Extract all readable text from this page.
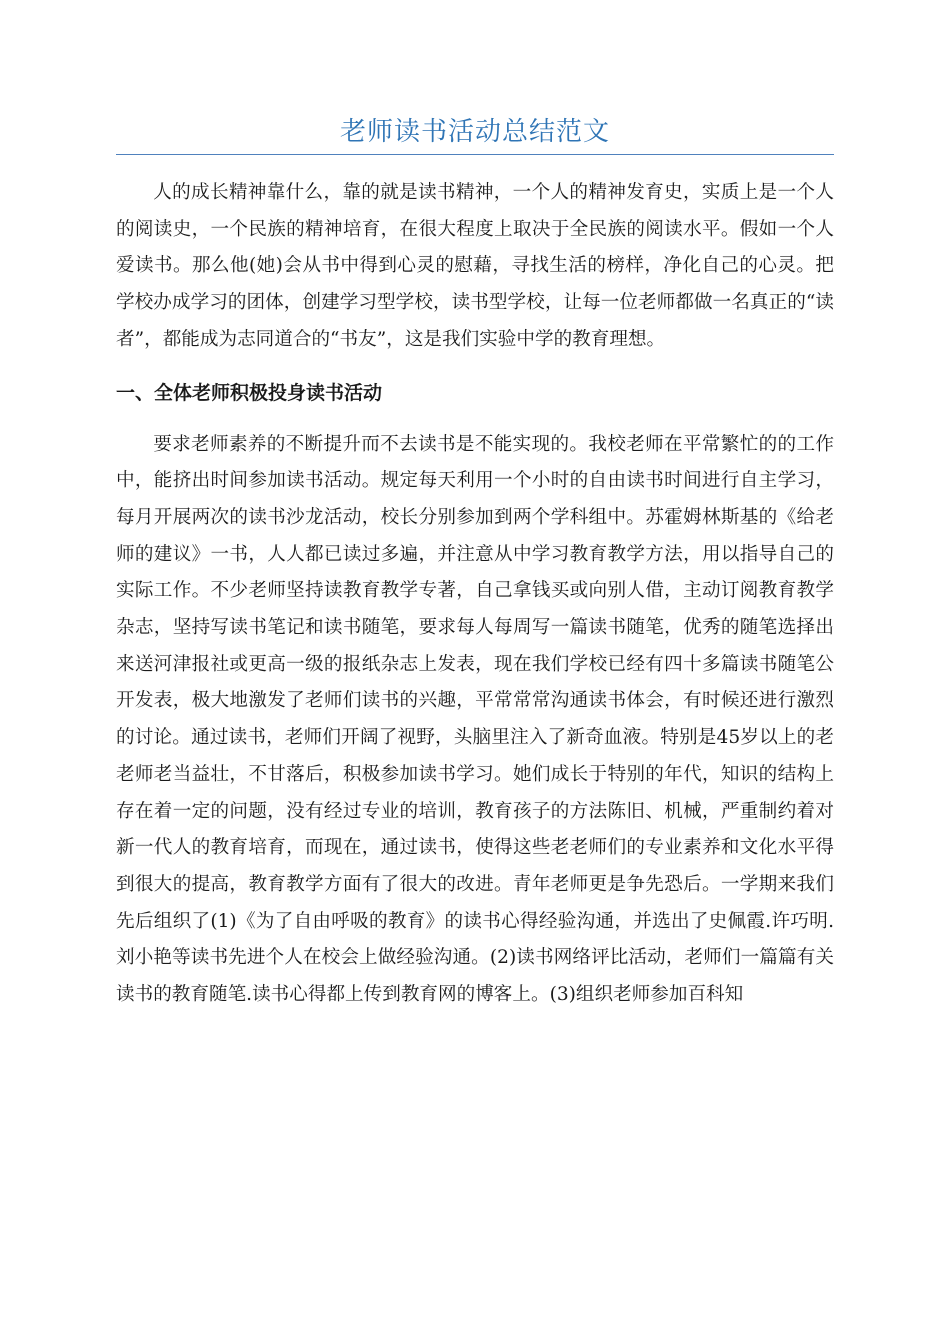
老师读书活动总结范文

人的成长精神靠什么，靠的就是读书精神，一个人的精神发育史，实质上是一个人的阅读史，一个民族的精神培育，在很大程度上取决于全民族的阅读水平。假如一个人爱读书。那么他(她)会从书中得到心灵的慰藉，寻找生活的榜样，净化自己的心灵。把学校办成学习的团体，创建学习型学校，读书型学校，让每一位老师都做一名真正的“读者”，都能成为志同道合的“书友”，这是我们实验中学的教育理想。

一、全体老师积极投身读书活动

要求老师素养的不断提升而不去读书是不能实现的。我校老师在平常繁忙的的工作中，能挤出时间参加读书活动。规定每天利用一个小时的自由读书时间进行自主学习，每月开展两次的读书沙龙活动，校长分别参加到两个学科组中。苏霍姆林斯基的《给老师的建议》一书，人人都已读过多遍，并注意从中学习教育教学方法，用以指导自己的实际工作。不少老师坚持读教育教学专著，自己拿钱买或向别人借，主动订阅教育教学杂志，坚持写读书笔记和读书随笔，要求每人每周写一篇读书随笔，优秀的随笔选择出来送河津报社或更高一级的报纸杂志上发表，现在我们学校已经有四十多篇读书随笔公开发表，极大地激发了老师们读书的兴趣，平常常常沟通读书体会，有时候还进行激烈的讨论。通过读书，老师们开阔了视野，头脑里注入了新奇血液。特别是45岁以上的老老师老当益壮，不甘落后，积极参加读书学习。她们成长于特别的年代，知识的结构上存在着一定的问题，没有经过专业的培训，教育孩子的方法陈旧、机械，严重制约着对新一代人的教育培育，而现在，通过读书，使得这些老老师们的专业素养和文化水平得到很大的提高，教育教学方面有了很大的改进。青年老师更是争先恐后。一学期来我们先后组织了(1)《为了自由呼吸的教育》的读书心得经验沟通，并选出了史佩霞.许巧明.刘小艳等读书先进个人在校会上做经验沟通。(2)读书网络评比活动，老师们一篇篇有关读书的教育随笔.读书心得都上传到教育网的博客上。(3)组织老师参加百科知
